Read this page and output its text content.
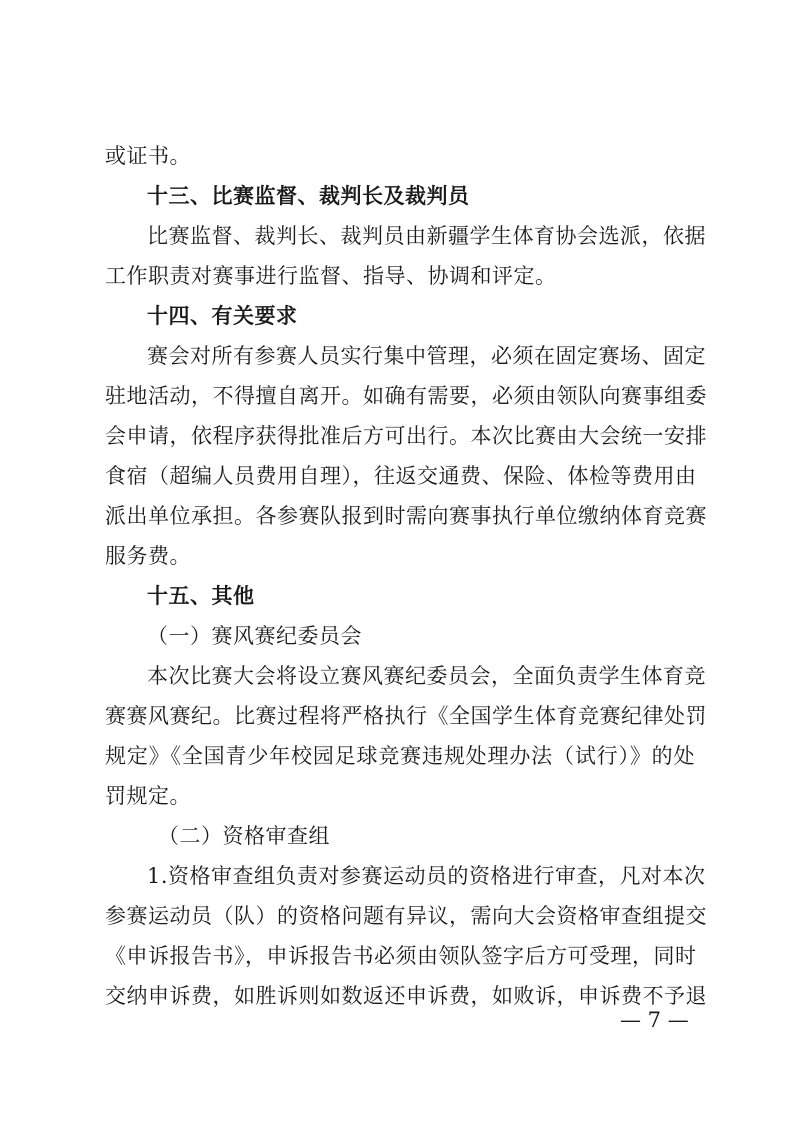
或证书。
十三、比赛监督、裁判长及裁判员
比赛监督、裁判长、裁判员由新疆学生体育协会选派，依据
工作职责对赛事进行监督、指导、协调和评定。
十四、有关要求
赛会对所有参赛人员实行集中管理，必须在固定赛场、固定
驻地活动，不得擅自离开。如确有需要，必须由领队向赛事组委
会申请，依程序获得批准后方可出行。本次比赛由大会统一安排
食宿（超编人员费用自理），往返交通费、保险、体检等费用由
派出单位承担。各参赛队报到时需向赛事执行单位缴纳体育竞赛
服务费。
十五、其他
（一）赛风赛纪委员会
本次比赛大会将设立赛风赛纪委员会，全面负责学生体育竞
赛赛风赛纪。比赛过程将严格执行《全国学生体育竞赛纪律处罚
规定》《全国青少年校园足球竞赛违规处理办法（试行）》的处
罚规定。
（二）资格审查组
1.资格审查组负责对参赛运动员的资格进行审查，凡对本次
参赛运动员（队）的资格问题有异议，需向大会资格审查组提交
《申诉报告书》，申诉报告书必须由领队签字后方可受理，同时
交纳申诉费，如胜诉则如数返还申诉费，如败诉，申诉费不予退
— 7 —
